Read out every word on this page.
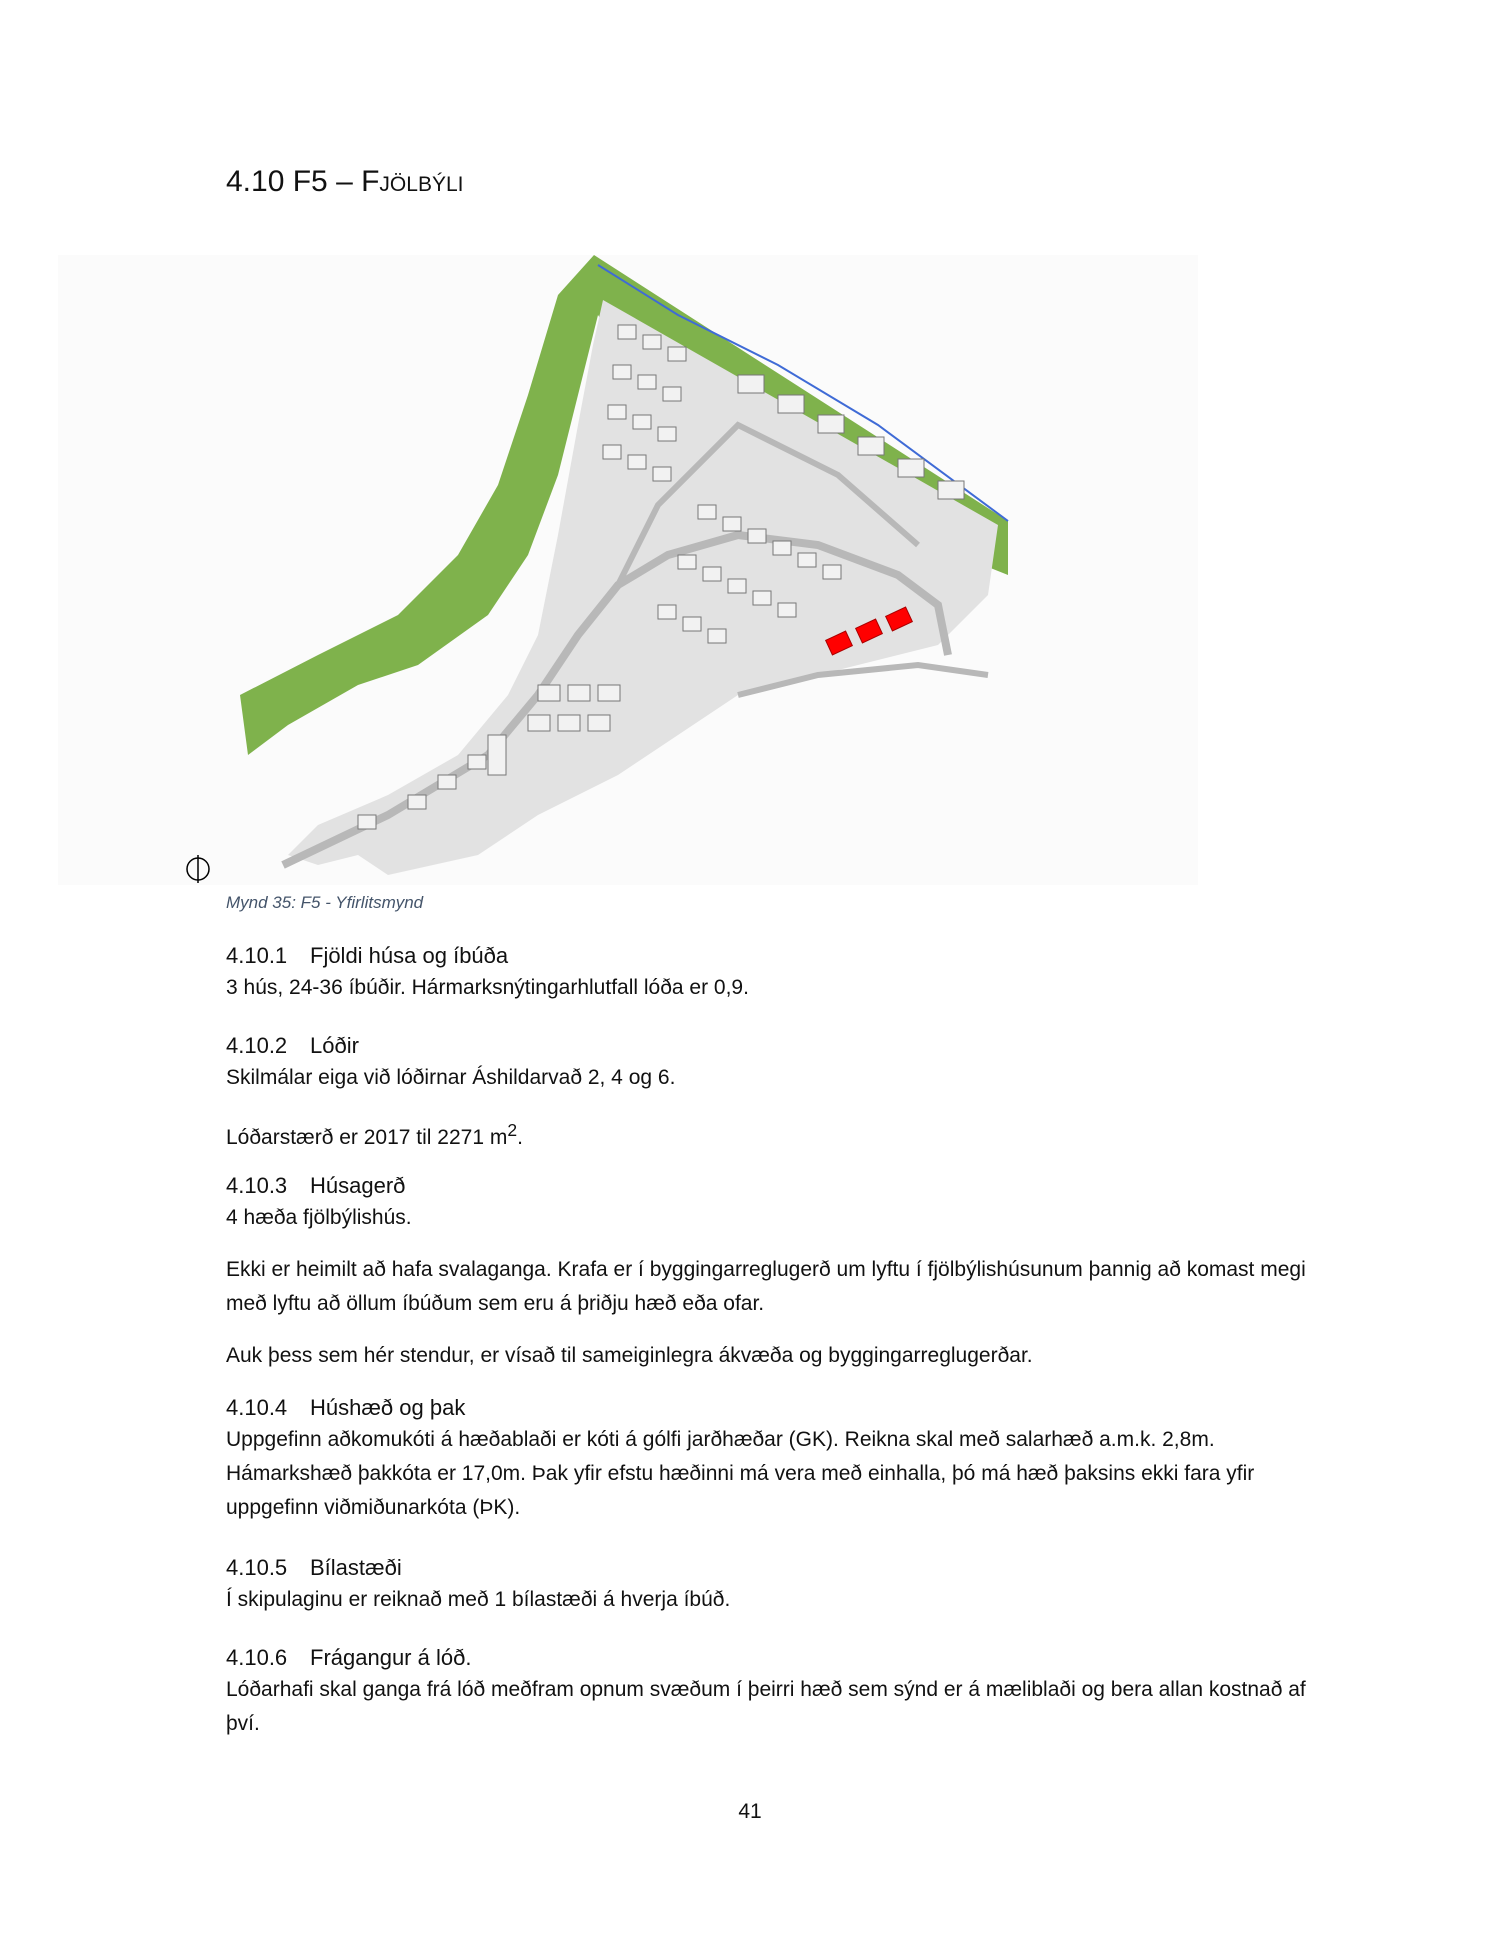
4.10 F5 – Fjölbýli
Mynd 35: F5 - Yfirlitsmynd
4.10.1 Fjöldi húsa og íbúða

3 hús, 24-36 íbúðir. Hármarksnýtingarhlutfall lóða er 0,9.

4.10.2 Lóðir

Skilmálar eiga við lóðirnar Áshildarvað 2, 4 og 6.

Lóðarstærð er 2017 til 2271 $m^2$.

4.10.3 Húsagerð

4 hæða fjölbýlishús.

Ekki er heimilt að hafa svalaganga. Krafa er í byggingarreglugerð um lyftu í fjölbýlishúsunum þannig að komast megi með lyftu að öllum íbúðum sem eru á þriðju hæð eða ofar.

Auk þess sem hér stendur, er vísað til sameiginlegra ákvæða og byggingarreglugerðar.

4.10.4 Húshæð og þak

Uppgefinn aðkomukóti á hæðablaði er kóti á gólfi jarðhæðar (GK). Reikna skal með salarhæð a.m.k. 2,8m. Hámarkshæð þakkóta er 17,0m. Þak yfir efstu hæðinni má vera með einhalla, þó má hæð þaksins ekki fara yfir uppgefinn viðmiðunarkóta (ÞK).

4.10.5 Bílastæði

Í skipulaginu er reiknað með 1 bílastæði á hverja íbúð.

4.10.6 Frágangur á lóð.

Lóðarhafi skal ganga frá lóð meðfram opnum svæðum í þeirri hæð sem sýnd er á mæliblaði og bera allan kostnað af því.

41
